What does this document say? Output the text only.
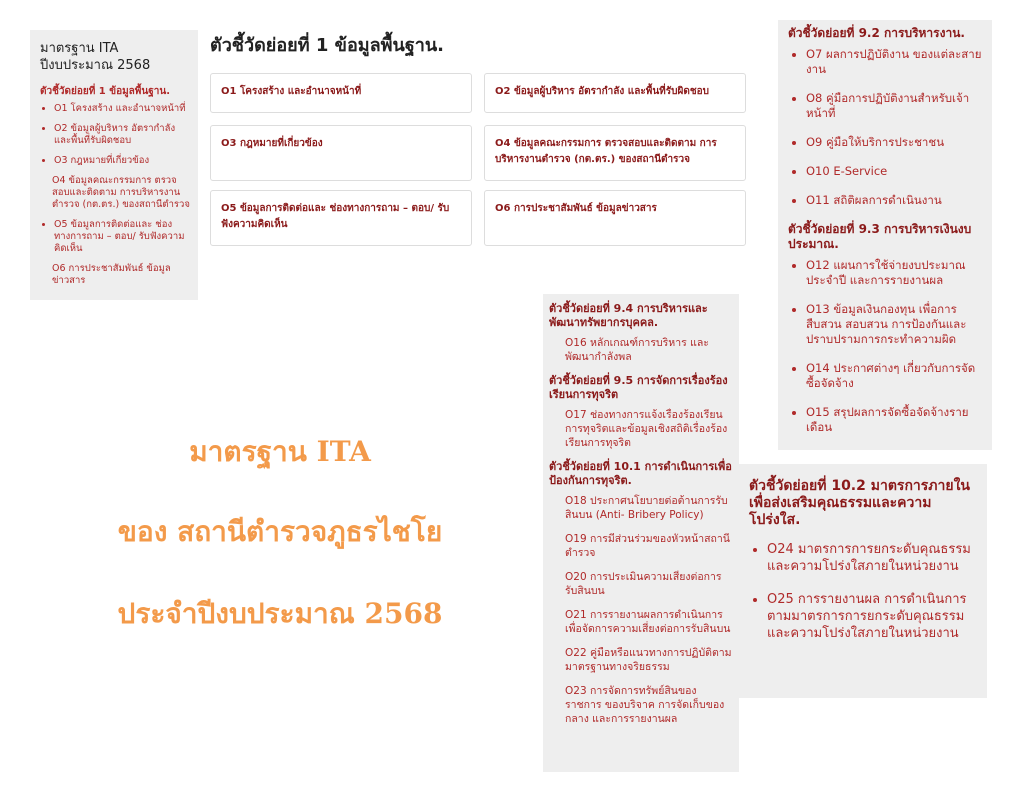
มาตรฐาน ITA
ปีงบประมาณ 2568
ตัวชี้วัดย่อยที่ 1 ข้อมูลพื้นฐาน.
• O1 โครงสร้าง และอำนาจหน้าที่
• O2 ข้อมูลผู้บริหาร อัตรากำลัง และพื้นที่รับผิดชอบ
• O3 กฎหมายที่เกี่ยวข้อง
O4 ข้อมูลคณะกรรมการ ตรวจสอบและติดตาม การบริหารงานตำรวจ (กต.ตร.) ของสถานีตำรวจ
• O5 ข้อมูลการติดต่อและ ช่องทางการถาม – ตอบ/ รับฟังความคิดเห็น
O6 การประชาสัมพันธ์ ข้อมูลข่าวสาร
ตัวชี้วัดย่อยที่ 1 ข้อมูลพื้นฐาน.
O1 โครงสร้าง และอำนาจหน้าที่	O2 ข้อมูลผู้บริหาร อัตรากำลัง และพื้นที่รับผิดชอบ
O3 กฎหมายที่เกี่ยวข้อง	O4 ข้อมูลคณะกรรมการ ตรวจสอบและติดตาม การบริหารงานตำรวจ (กต.ตร.) ของสถานีตำรวจ
O5 ข้อมูลการติดต่อและ ช่องทางการถาม – ตอบ/ รับฟังความคิดเห็น
O6 การประชาสัมพันธ์ ข้อมูลข่าวสาร
ตัวชี้วัดย่อยที่ 9.2 การบริหารงาน.
• O7 ผลการปฏิบัติงาน ของแต่ละสายงาน
• O8 คู่มือการปฏิบัติงานสำหรับเจ้าหน้าที่
• O9 คู่มือให้บริการประชาชน
• O10 E-Service
• O11 สถิติผลการดำเนินงาน
ตัวชี้วัดย่อยที่ 9.3 การบริหารเงินงบประมาณ.
• O12 แผนการใช้จ่ายงบประมาณประจำปี และการรายงานผล
• O13 ข้อมูลเงินกองทุน เพื่อการสืบสวน สอบสวน การป้องกันและปราบปรามการกระทำความผิด
• O14 ประกาศต่างๆ เกี่ยวกับการจัดซื้อจัดจ้าง
• O15 สรุปผลการจัดซื้อจัดจ้างรายเดือน
ตัวชี้วัดย่อยที่ 9.4 การบริหารและพัฒนาทรัพยากรบุคคล.
• O16 หลักเกณฑ์การบริหาร และพัฒนากำลังพล
ตัวชี้วัดย่อยที่ 9.5 การจัดการเรื่องร้องเรียนการทุจริต
• O17 ช่องทางการแจ้งเรื่องร้องเรียนการทุจริตและข้อมูลเชิงสถิติเรื่องร้องเรียนการทุจริต
ตัวชี้วัดย่อยที่ 10.1 การดำเนินการเพื่อป้องกันการทุจริต.
• O18 ประกาศนโยบายต่อต้านการรับสินบน (Anti- Bribery Policy)
• O19 การมีส่วนร่วมของหัวหน้าสถานีตำรวจ
• O20 การประเมินความเสี่ยงต่อการรับสินบน
• O21 การรายงานผลการดำเนินการเพื่อจัดการความเสี่ยงต่อการรับสินบน
• O22 คู่มือหรือแนวทางการปฏิบัติตามมาตรฐานทางจริยธรรม
• O23 การจัดการทรัพย์สินของราชการ ของบริจาค การจัดเก็บของกลาง และการรายงานผล
ตัวชี้วัดย่อยที่ 10.2 มาตรการภายในเพื่อส่งเสริมคุณธรรมและความโปร่งใส.
• O24 มาตรการการยกระดับคุณธรรม และความโปร่งใสภายในหน่วยงาน
• O25 การรายงานผล การดำเนินการตามมาตรการการยกระดับคุณธรรม และความโปร่งใสภายในหน่วยงาน
มาตรฐาน ITA
ของ สถานีตำรวจภูธรไชโย
ประจำปีงบประมาณ 2568
